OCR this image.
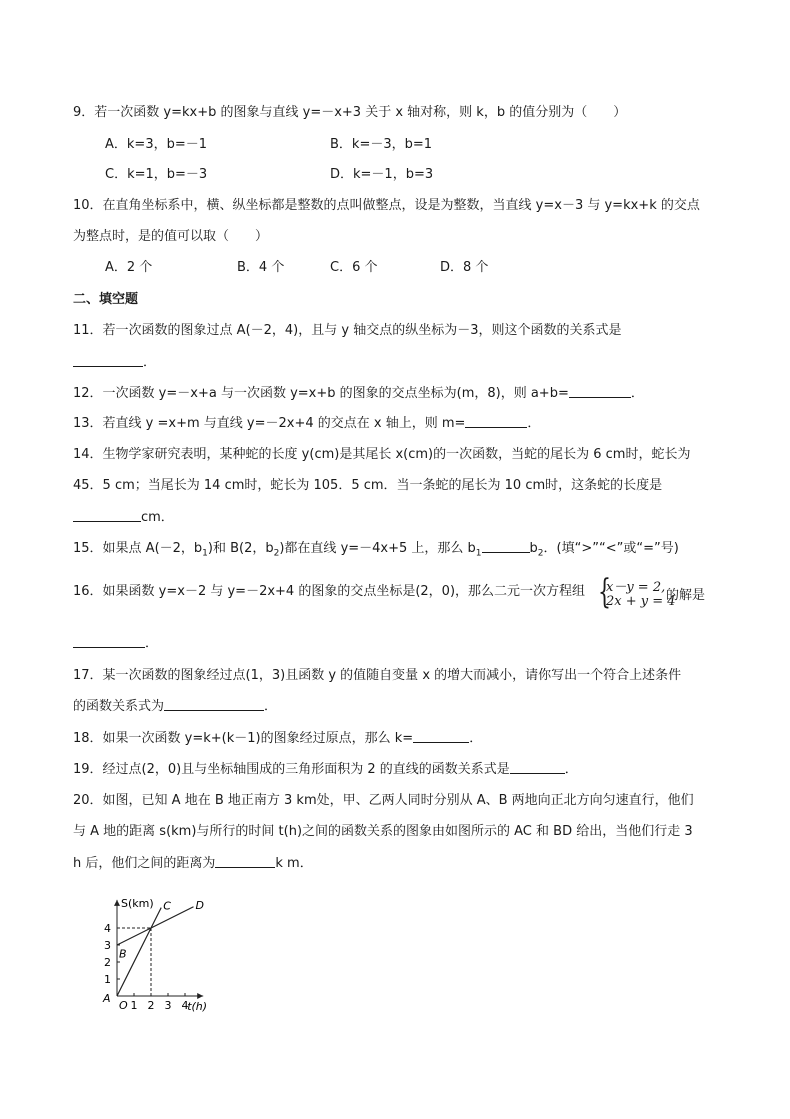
9．若一次函数 y=kx+b 的图象与直线 y=－x+3 关于 x 轴对称，则 k，b 的值分别为（　　）
A．k=3，b=－1	B．k=－3，b=1
C．k=1，b=－3	D．k=－1，b=3
10．在直角坐标系中，横、纵坐标都是整数的点叫做整点，设是为整数，当直线 y=x－3 与 y=kx+k 的交点
为整点时，是的值可以取（　　）
A．2 个	B．4 个	C．6 个	D．8 个
二、填空题
11．若一次函数的图象过点 A(－2，4)，且与 y 轴交点的纵坐标为－3，则这个函数的关系式是
．
12．一次函数 y=－x+a 与一次函数 y=x+b 的图象的交点坐标为(m，8)，则 a+b=	．
13．若直线 y =x+m 与直线 y=－2x+4 的交点在 x 轴上，则 m=	．
14．生物学家研究表明，某种蛇的长度 y(cm)是其尾长 x(cm)的一次函数，当蛇的尾长为 6 cm时，蛇长为
45．5 cm；当尾长为 14 cm时，蛇长为 105．5 cm．当一条蛇的尾长为 10 cm时，这条蛇的长度是
cm．
15．如果点 A(－2，$b_1$)和 B(2，$b_2$)都在直线 y=－4x+5 上，那么 $b_1$	$b_2$．(填“>”“<”或“=”号)
16．如果函数 y=x－2 与 y=－2x+4 的图象的交点坐标是(2，0)，那么二元一次方程组 {
x－y = 2,
2x + y = 4
的解是
．
17．某一次函数的图象经过点(1，3)且函数 y 的值随自变量 x 的增大而减小，请你写出一个符合上述条件
的函数关系式为	．
18．如果一次函数 y=k+(k－1)的图象经过原点，那么 k=	．
19．经过点(2，0)且与坐标轴围成的三角形面积为 2 的直线的函数关系式是	．
20．如图，已知 A 地在 B 地正南方 3 km处，甲、乙两人同时分别从 A、B 两地向正北方向匀速直行，他们
与 A 地的距离 s(km)与所行的时间 t(h)之间的函数关系的图象由如图所示的 AC 和 BD 给出，当他们行走 3
h 后，他们之间的距离为	k m．
1 2 3 4
1
2
3
4
S(km)
t(h)
C D
O
A
B
